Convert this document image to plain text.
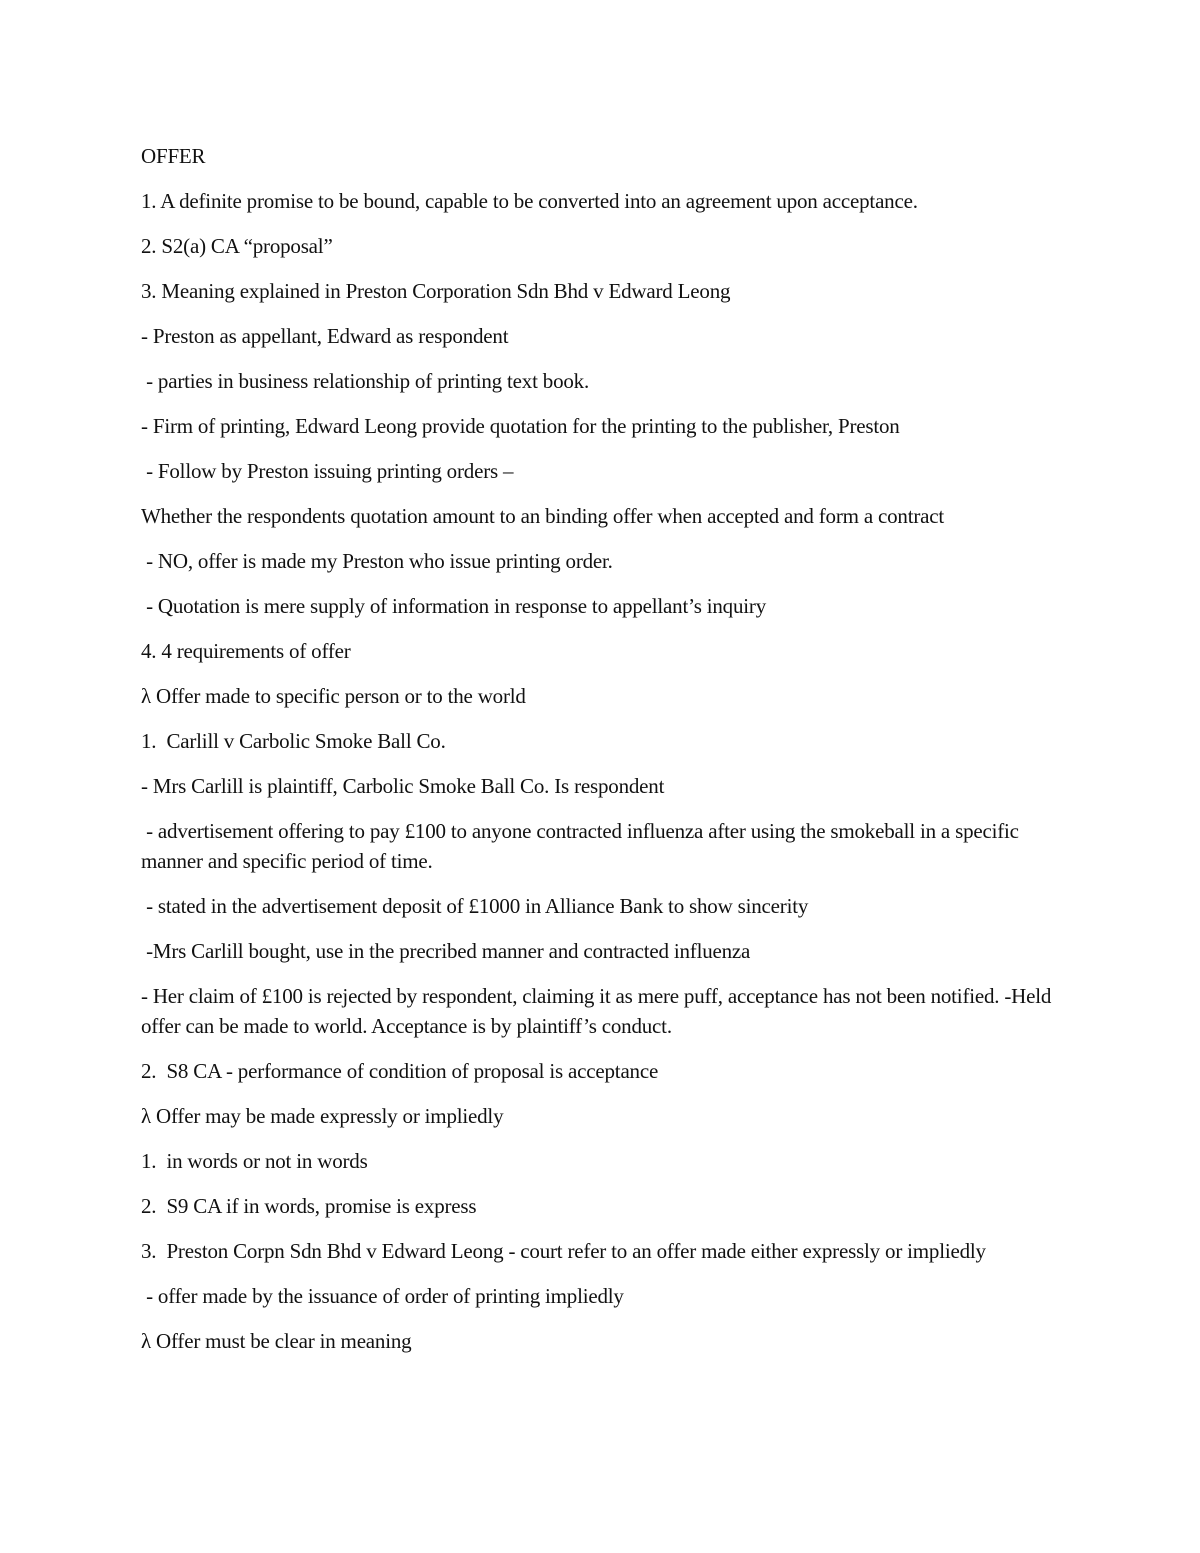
OFFER

1. A definite promise to be bound, capable to be converted into an agreement upon acceptance.

2. S2(a) CA “proposal”

3. Meaning explained in Preston Corporation Sdn Bhd v Edward Leong

- Preston as appellant, Edward as respondent

- parties in business relationship of printing text book.

- Firm of printing, Edward Leong provide quotation for the printing to the publisher, Preston

- Follow by Preston issuing printing orders –

Whether the respondents quotation amount to an binding offer when accepted and form a contract

- NO, offer is made my Preston who issue printing order.

- Quotation is mere supply of information in response to appellant’s inquiry

4. 4 requirements of offer

λ Offer made to specific person or to the world

1.  Carlill v Carbolic Smoke Ball Co.

- Mrs Carlill is plaintiff, Carbolic Smoke Ball Co. Is respondent

- advertisement offering to pay £100 to anyone contracted influenza after using the smokeball in a specific manner and specific period of time.

- stated in the advertisement deposit of £1000 in Alliance Bank to show sincerity

-Mrs Carlill bought, use in the precribed manner and contracted influenza

- Her claim of £100 is rejected by respondent, claiming it as mere puff, acceptance has not been notified. -Held offer can be made to world. Acceptance is by plaintiff’s conduct.

2.  S8 CA - performance of condition of proposal is acceptance

λ Offer may be made expressly or impliedly

1.  in words or not in words

2.  S9 CA if in words, promise is express

3.  Preston Corpn Sdn Bhd v Edward Leong - court refer to an offer made either expressly or impliedly

- offer made by the issuance of order of printing impliedly

λ Offer must be clear in meaning
